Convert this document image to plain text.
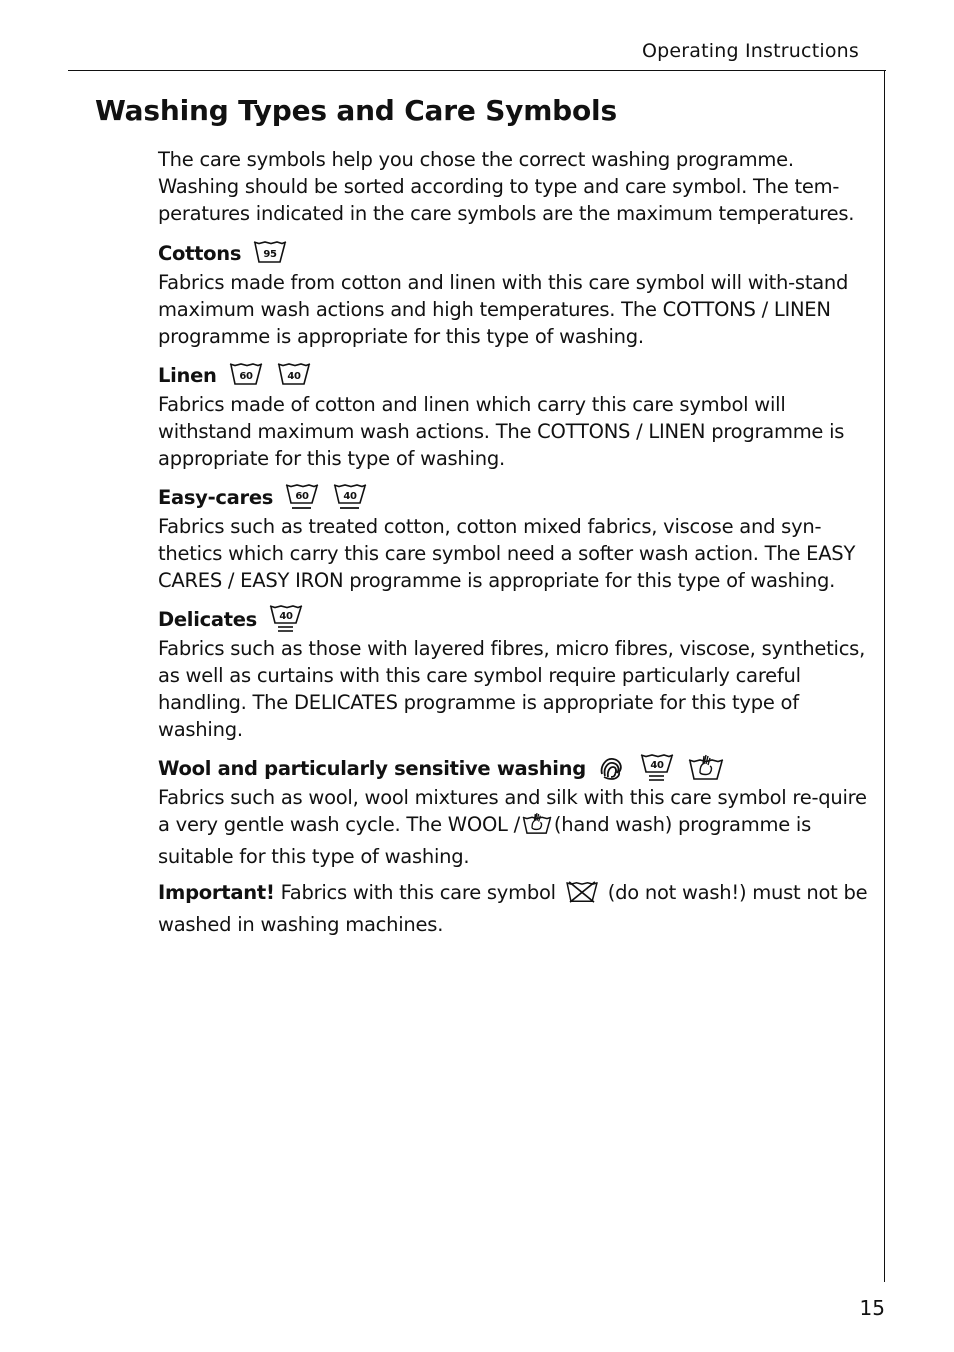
Operating Instructions
Washing Types and Care Symbols

The care symbols help you chose the correct washing programme. Washing should be sorted according to type and care symbol. The tem-peratures indicated in the care symbols are the maximum temperatures.

Cottons 95

Fabrics made from cotton and linen with this care symbol will with-stand maximum wash actions and high temperatures. The COTTONS / LINEN programme is appropriate for this type of washing.

Linen 60	40

Fabrics made of cotton and linen which carry this care symbol will withstand maximum wash actions. The COTTONS / LINEN programme is appropriate for this type of washing.

Easy-cares 60	40

Fabrics such as treated cotton, cotton mixed fabrics, viscose and syn-thetics which carry this care symbol need a softer wash action. The EASY CARES / EASY IRON programme is appropriate for this type of washing.

Delicates 40

Fabrics such as those with layered fibres, micro fibres, viscose, synthetics, as well as curtains with this care symbol require particularly careful handling. The DELICATES programme is appropriate for this type of washing.

Wool and particularly sensitive washing	40

Fabrics such as wool, wool mixtures and silk with this care symbol re-quire a very gentle wash cycle. The WOOL / (hand wash) programme is suitable for this type of washing.

Important! Fabrics with this care symbol	(do not wash!) must not be washed in washing machines.

15
